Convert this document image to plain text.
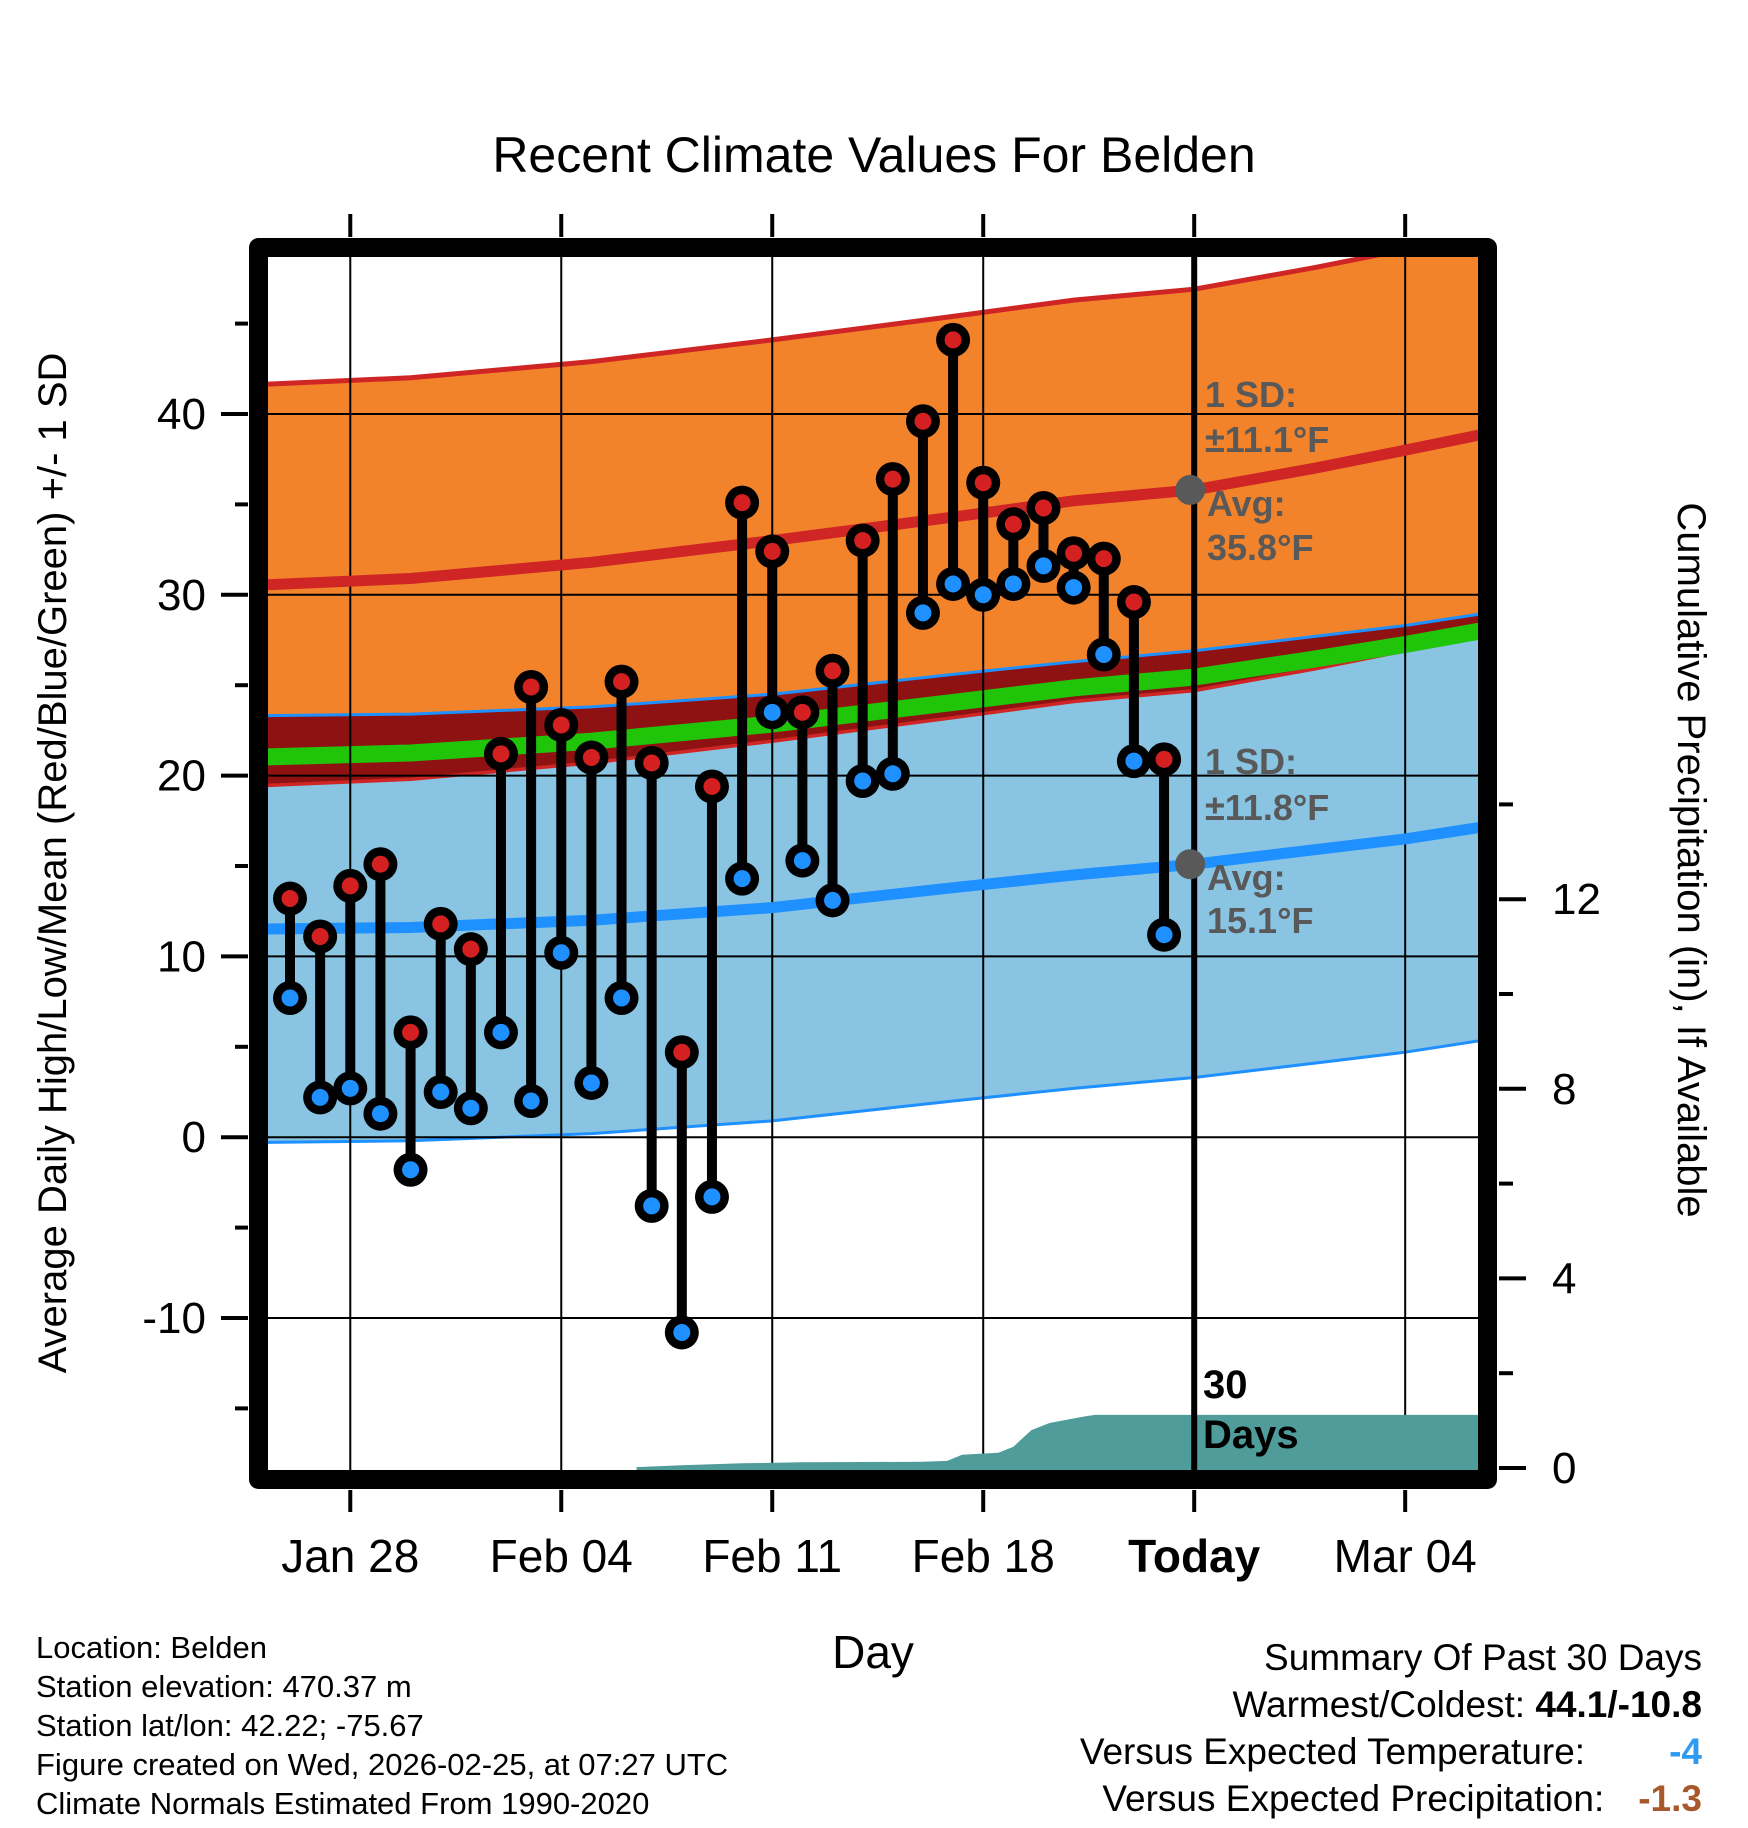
40
30
20
10
0
-10
12
8
4
0
Jan 28 Feb 04 Feb 11 Feb 18 Today Mar 04
Day
Average Daily High/Low/Mean (Red/Blue/Green) +/- 1 SD	Cumulative Precipitation (in), If Available
1 SD:
±11.1°F
Avg:
35.8°F
1 SD:
±11.8°F
Avg:
15.1°F
30
Days
Recent Climate Values For Belden
Location: Belden
Station elevation: 470.37 m
Station lat/lon: 42.22; -75.67
Figure created on Wed, 2026-02-25, at 07:27 UTC
Climate Normals Estimated From 1990-2020
Summary Of Past 30 Days
Warmest/Coldest: 44.1/-10.8
Versus Expected Temperature: -4
Versus Expected Precipitation: -1.3
